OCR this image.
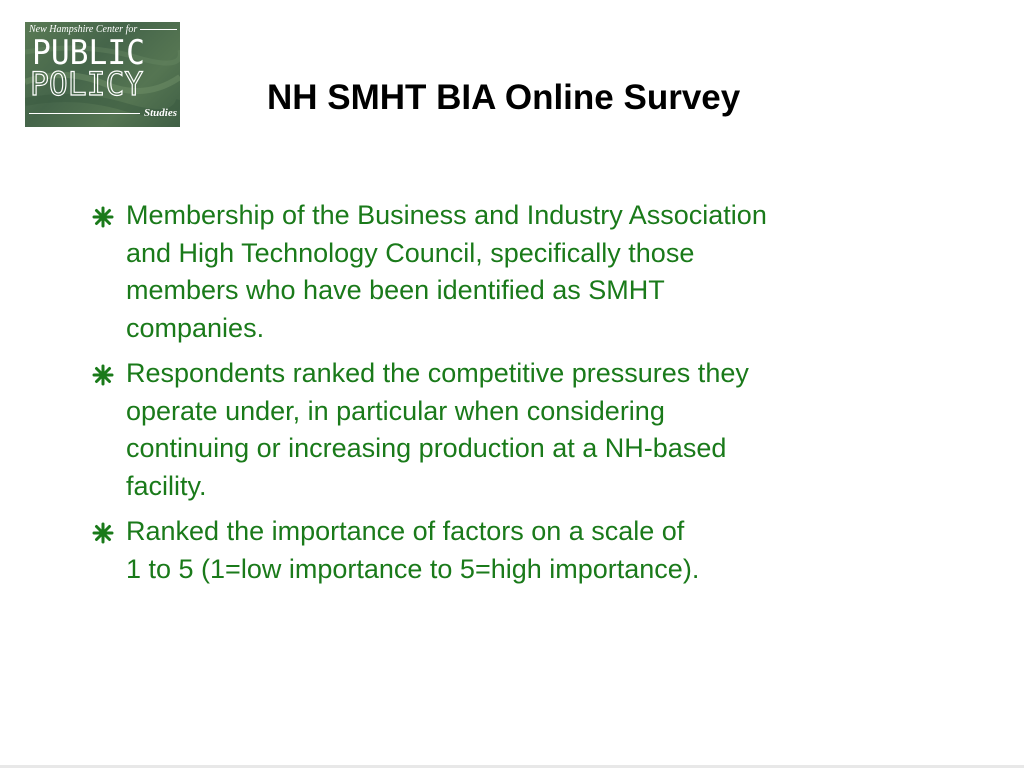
New Hampshire Center for
PUBLIC
POLICY
Studies	NH SMHT BIA Online Survey
Membership of the Business and Industry Association
and High Technology Council, specifically those
members who have been identified as SMHT
companies.
Respondents ranked the competitive pressures they
operate under, in particular when considering
continuing or increasing production at a NH-based
facility.
Ranked the importance of factors on a scale of
1 to 5 (1=low importance to 5=high importance).
